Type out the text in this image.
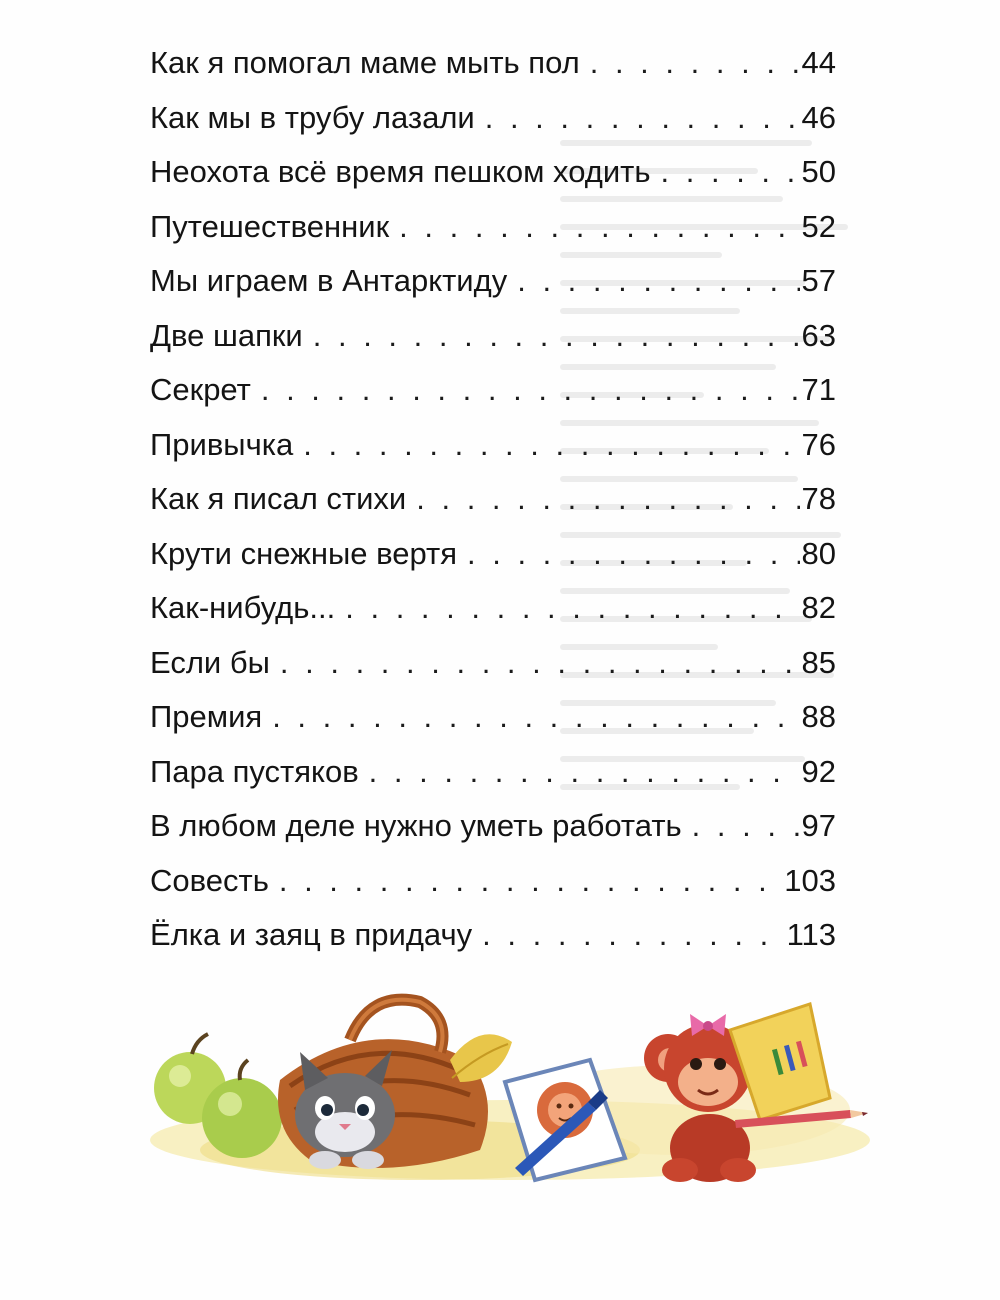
Как я помогал маме мыть пол . . .	44
Как мы в трубу лазали . . .	46
Неохота всё время пешком ходить . . .	50
Путешественник . . .	52
Мы играем в Антарктиду . . .	57
Две шапки . . .	63
Секрет . . .	71
Привычка . . .	76
Как я писал стихи . . .	78
Крути снежные вертя . . .	80
Как-нибудь... . . .	82
Если бы . . .	85
Премия . . .	88
Пара пустяков . . .	92
В любом деле нужно уметь работать . . .	97
Совесть . . .	103
Ёлка и заяц в придачу . . .	113
